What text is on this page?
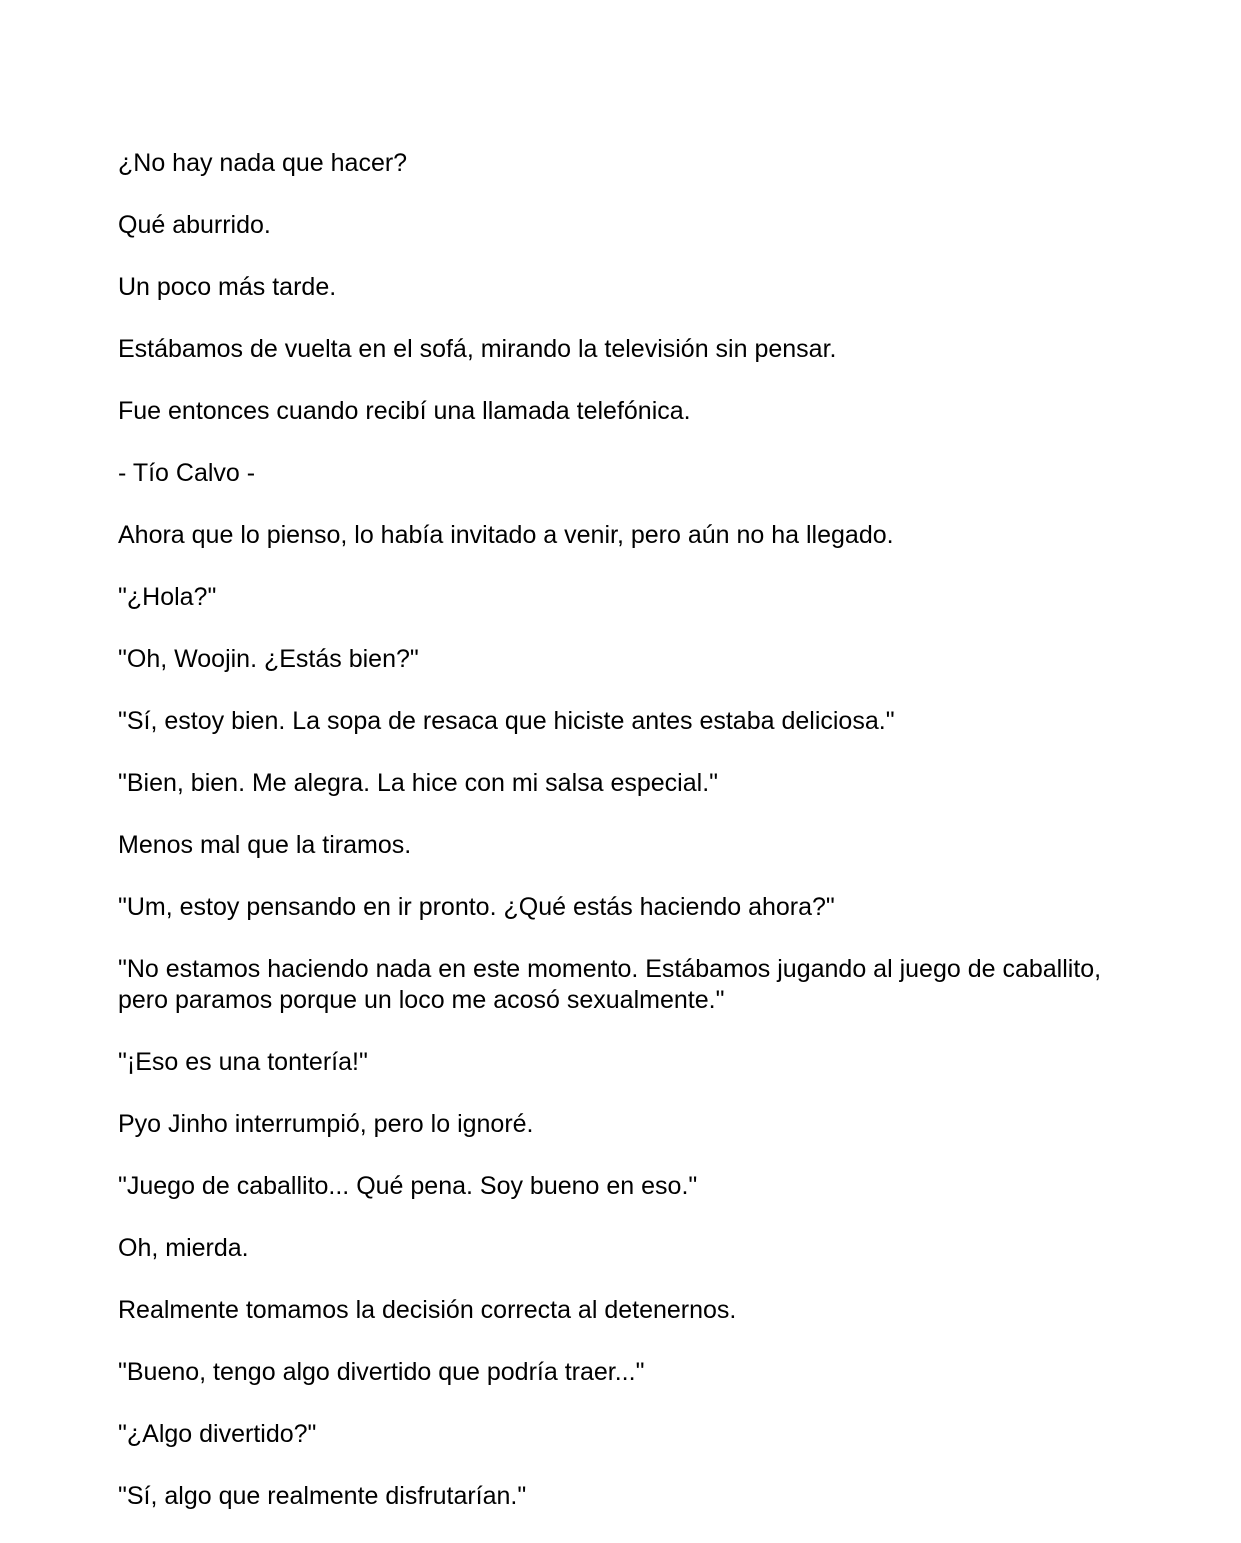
¿No hay nada que hacer?

Qué aburrido.

Un poco más tarde.

Estábamos de vuelta en el sofá, mirando la televisión sin pensar.

Fue entonces cuando recibí una llamada telefónica.

- Tío Calvo -

Ahora que lo pienso, lo había invitado a venir, pero aún no ha llegado.

"¿Hola?"

"Oh, Woojin. ¿Estás bien?"

"Sí, estoy bien. La sopa de resaca que hiciste antes estaba deliciosa."

"Bien, bien. Me alegra. La hice con mi salsa especial."

Menos mal que la tiramos.

"Um, estoy pensando en ir pronto. ¿Qué estás haciendo ahora?"

"No estamos haciendo nada en este momento. Estábamos jugando al juego de caballito, pero paramos porque un loco me acosó sexualmente."

"¡Eso es una tontería!"

Pyo Jinho interrumpió, pero lo ignoré.

"Juego de caballito... Qué pena. Soy bueno en eso."

Oh, mierda.

Realmente tomamos la decisión correcta al detenernos.

"Bueno, tengo algo divertido que podría traer..."

"¿Algo divertido?"

"Sí, algo que realmente disfrutarían."
